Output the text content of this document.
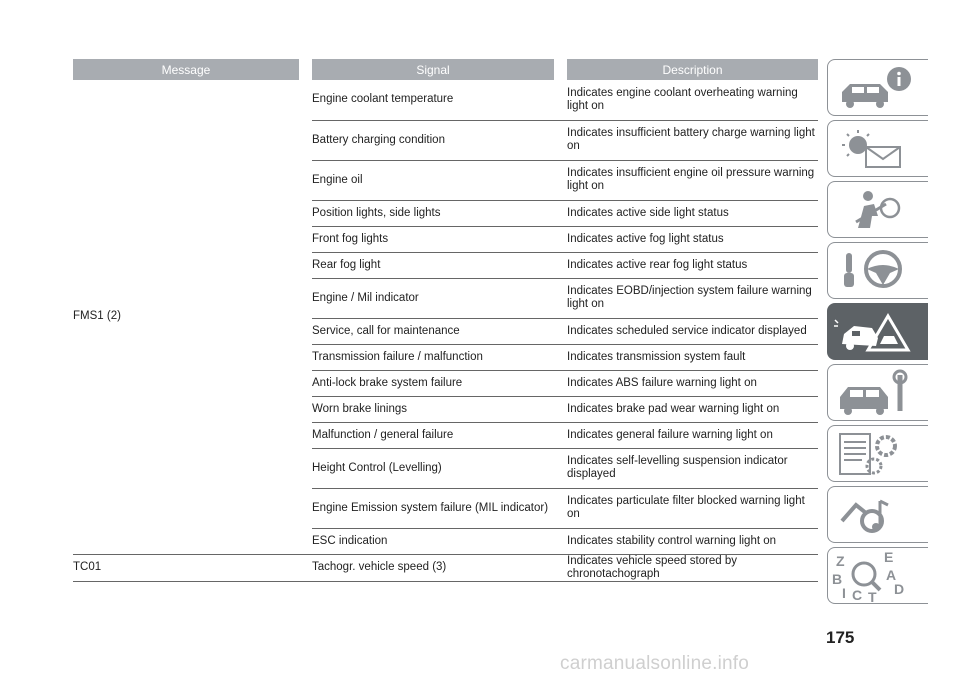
Message		Signal		Description
FMS1 (2)		Engine coolant temperature		Indicates engine coolant overheating warning light on
		Battery charging condition		Indicates insufficient battery charge warning light on
		Engine oil		Indicates insufficient engine oil pressure warning light on
		Position lights, side lights		Indicates active side light status
		Front fog lights		Indicates active fog light status
		Rear fog light		Indicates active rear fog light status
		Engine / Mil indicator		Indicates EOBD/injection system failure warning light on
		Service, call for maintenance		Indicates scheduled service indicator displayed
		Transmission failure / malfunction		Indicates transmission system fault
		Anti-lock brake system failure		Indicates ABS failure warning light on
		Worn brake linings		Indicates brake pad wear warning light on
		Malfunction / general failure		Indicates general failure warning light on
		Height Control (Levelling)		Indicates self-levelling suspension indicator displayed
		Engine Emission system failure (MIL indicator)		Indicates particulate filter blocked warning light on
		ESC indication		Indicates stability control warning light on
TC01		Tachogr. vehicle speed (3)		Indicates vehicle speed stored by chronotachograph
Z	E
B	A
I C T D
175
carmanualsonline.info
